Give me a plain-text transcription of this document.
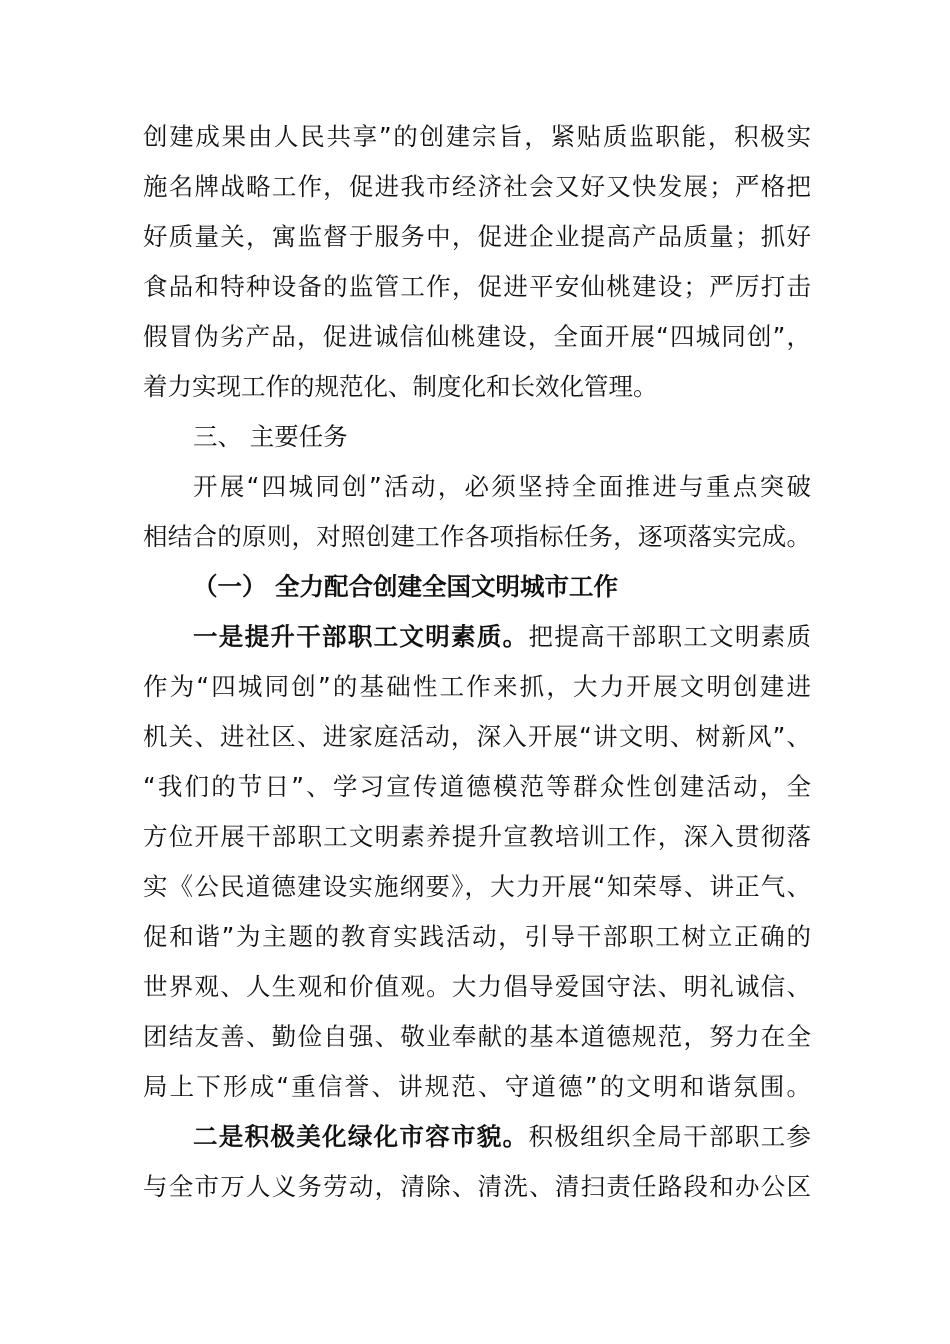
创建成果由人民共享”的创建宗旨，紧贴质监职能，积极实
施名牌战略工作，促进我市经济社会又好又快发展；严格把
好质量关，寓监督于服务中，促进企业提高产品质量；抓好
食品和特种设备的监管工作，促进平安仙桃建设；严厉打击
假冒伪劣产品，促进诚信仙桃建设，全面开展“四城同创”，
着力实现工作的规范化、制度化和长效化管理。
三、 主要任务
开展“四城同创”活动，必须坚持全面推进与重点突破
相结合的原则，对照创建工作各项指标任务，逐项落实完成。
（一） 全力配合创建全国文明城市工作
一是提升干部职工文明素质。把提高干部职工文明素质
作为“四城同创”的基础性工作来抓，大力开展文明创建进
机关、进社区、进家庭活动，深入开展“讲文明、树新风”、
“我们的节日”、学习宣传道德模范等群众性创建活动，全
方位开展干部职工文明素养提升宣教培训工作，深入贯彻落
实《公民道德建设实施纲要》，大力开展“知荣辱、讲正气、
促和谐”为主题的教育实践活动，引导干部职工树立正确的
世界观、人生观和价值观。大力倡导爱国守法、明礼诚信、
团结友善、勤俭自强、敬业奉献的基本道德规范，努力在全
局上下形成“重信誉、讲规范、守道德”的文明和谐氛围。
二是积极美化绿化市容市貌。积极组织全局干部职工参
与全市万人义务劳动，清除、清洗、清扫责任路段和办公区
